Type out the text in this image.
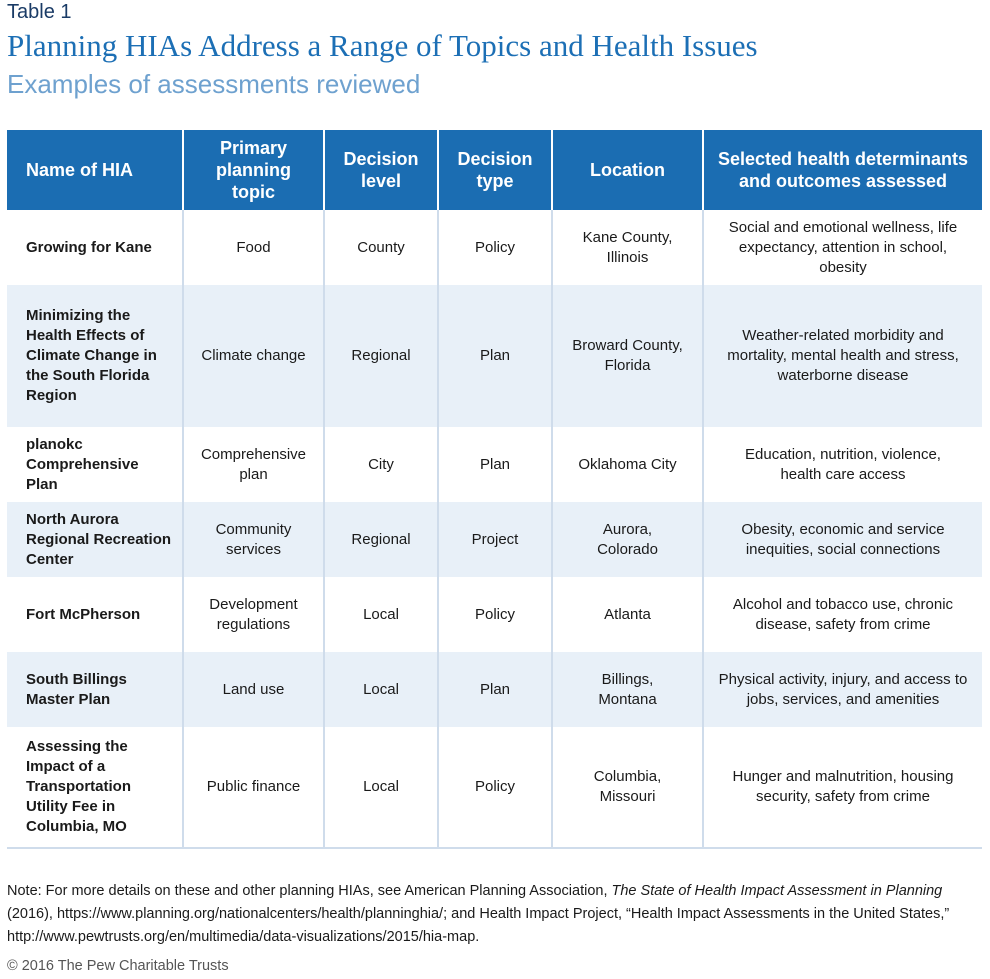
Table 1
Planning HIAs Address a Range of Topics and Health Issues
Examples of assessments reviewed
Name of HIA	Primary planning topic	Decision level	Decision type	Location	Selected health determinants and outcomes assessed
Growing for Kane	Food	County	Policy	Kane County, Illinois	Social and emotional wellness, life expectancy, attention in school, obesity
Minimizing the Health Effects of Climate Change in the South Florida Region	Climate change	Regional	Plan	Broward County, Florida	Weather-related morbidity and mortality, mental health and stress, waterborne disease
planokc Comprehensive Plan	Comprehensive plan	City	Plan	Oklahoma City	Education, nutrition, violence, health care access
North Aurora Regional Recreation Center	Community services	Regional	Project	Aurora, Colorado	Obesity, economic and service inequities, social connections
Fort McPherson	Development regulations	Local	Policy	Atlanta	Alcohol and tobacco use, chronic disease, safety from crime
South Billings Master Plan	Land use	Local	Plan	Billings, Montana	Physical activity, injury, and access to jobs, services, and amenities
Assessing the Impact of a Transportation Utility Fee in Columbia, MO	Public finance	Local	Policy	Columbia, Missouri	Hunger and malnutrition, housing security, safety from crime
Note: For more details on these and other planning HIAs, see American Planning Association, The State of Health Impact Assessment in Planning (2016), https://www.planning.org/nationalcenters/health/planninghia/; and Health Impact Project, “Health Impact Assessments in the United States,” http://www.pewtrusts.org/en/multimedia/data-visualizations/2015/hia-map.
© 2016 The Pew Charitable Trusts
